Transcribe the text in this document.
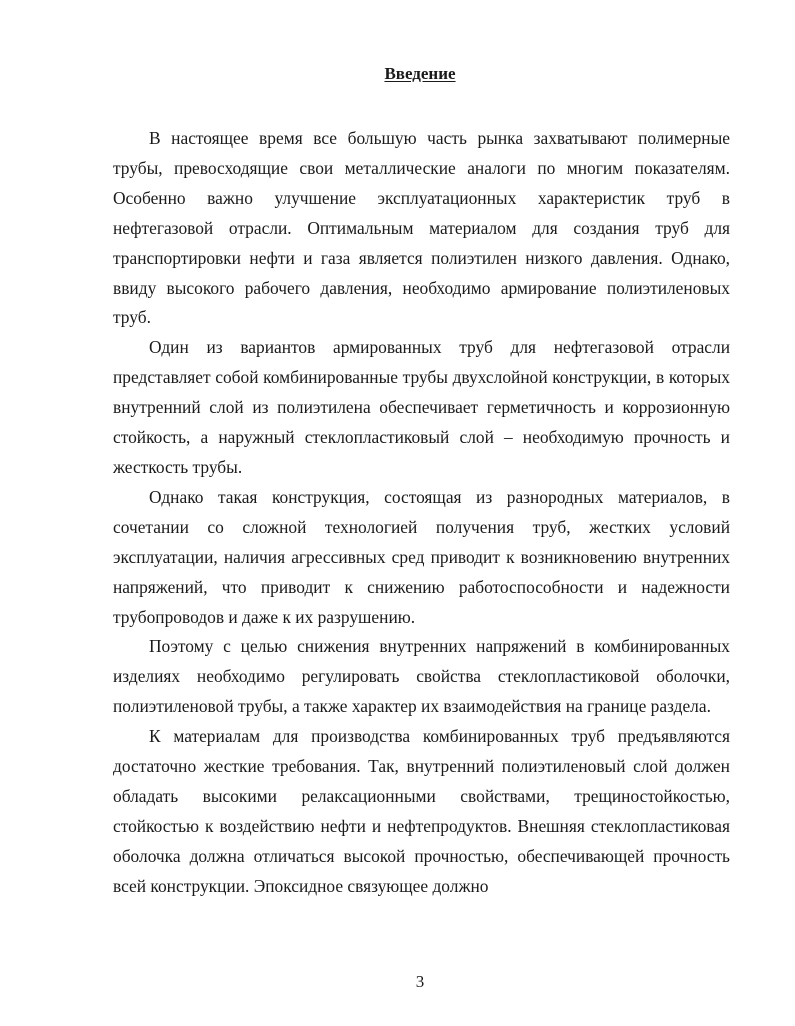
Введение

В настоящее время все большую часть рынка захватывают полимерные трубы, превосходящие свои металлические аналоги по многим показателям. Особенно важно улучшение эксплуатационных характеристик труб в нефтегазовой отрасли. Оптимальным материалом для создания труб для транспортировки нефти и газа является полиэтилен низкого давления. Однако, ввиду высокого рабочего давления, необходимо армирование полиэтиленовых труб.

Один из вариантов армированных труб для нефтегазовой отрасли представляет собой комбинированные трубы двухслойной конструкции, в которых внутренний слой из полиэтилена обеспечивает герметичность и коррозионную стойкость, а наружный стеклопластиковый слой – необходимую прочность и жесткость трубы.

Однако такая конструкция, состоящая из разнородных материалов, в сочетании со сложной технологией получения труб, жестких условий эксплуатации, наличия агрессивных сред приводит к возникновению внутренних напряжений, что приводит к снижению работоспособности и надежности трубопроводов и даже к их разрушению.

Поэтому с целью снижения внутренних напряжений в комбинированных изделиях необходимо регулировать свойства стеклопластиковой оболочки, полиэтиленовой трубы, а также характер их взаимодействия на границе раздела.

К материалам для производства комбинированных труб предъявляются достаточно жесткие требования. Так, внутренний полиэтиленовый слой должен обладать высокими релаксационными свойствами, трещиностойкостью, стойкостью к воздействию нефти и нефтепродуктов. Внешняя стеклопластиковая оболочка должна отличаться высокой прочностью, обеспечивающей прочность всей конструкции. Эпоксидное связующее должно

3
